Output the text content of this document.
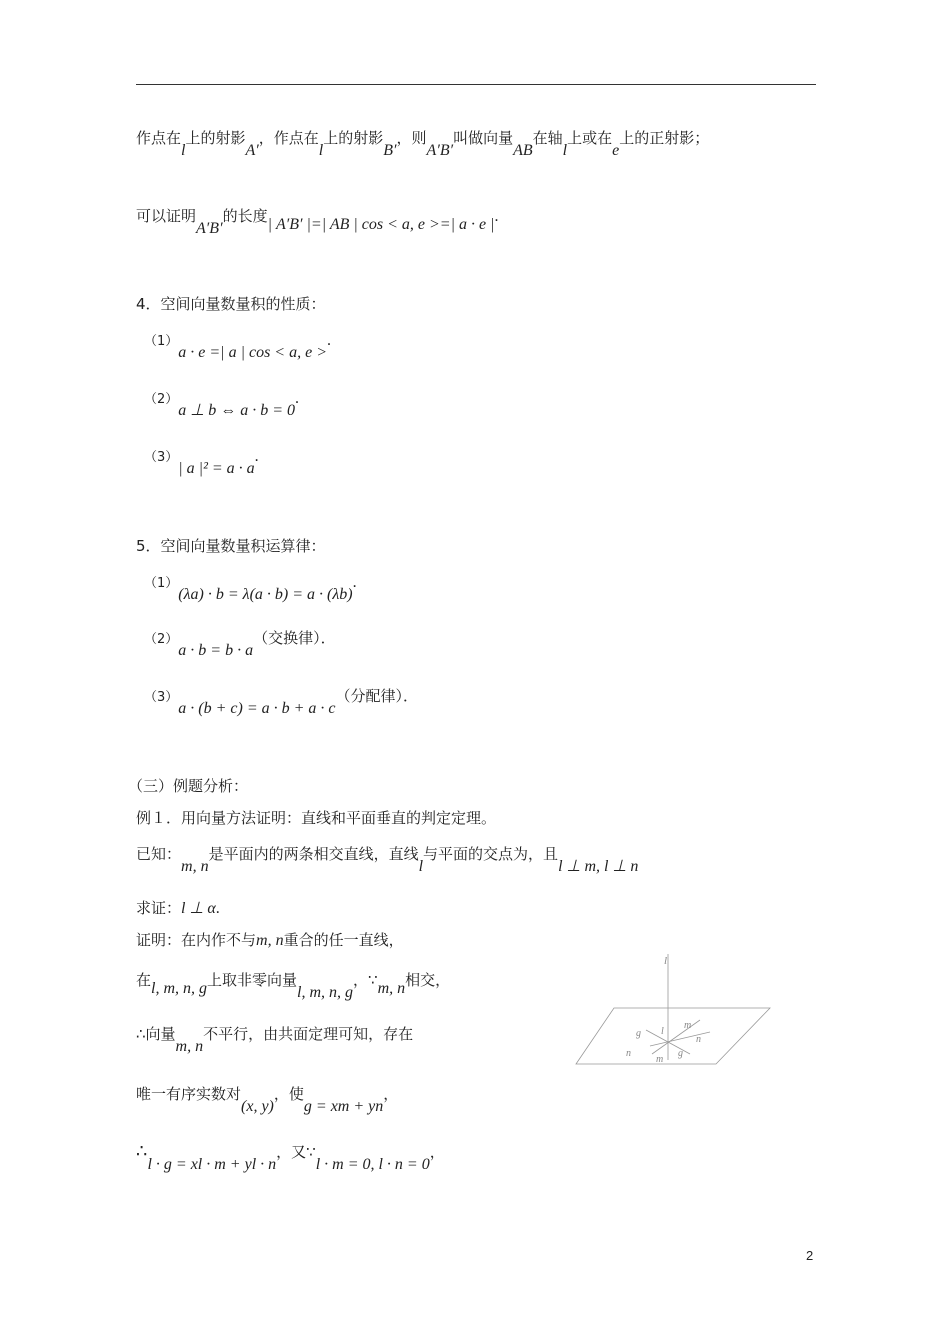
作点在l上的射影A′，作点在l上的射影B′，则A′B′叫做向量AB在轴l上或在e上的正射影；
可以证明A′B′的长度| A′B′ |=| AB | cos < a, e >=| a · e |.
4．空间向量数量积的性质：
（1）a · e =| a | cos < a, e >.
（2）a ⊥ b ⇔ a · b = 0.
（3）| a |² = a · a.
5．空间向量数量积运算律：
（1）(λa) · b = λ(a · b) = a · (λb).
（2）a · b = b · a（交换律）．
（3）a · (b + c) = a · b + a · c（分配律）．
（三）例题分析：
例１．用向量方法证明：直线和平面垂直的判定定理。
已知：m, n是平面内的两条相交直线，直线l与平面的交点为，且l ⊥ m, l ⊥ n
求证：l ⊥ α.
证明：在内作不与m, n重合的任一直线，
在l, m, n, g上取非零向量l, m, n, g，∵m, n相交，
∴向量m, n不平行，由共面定理可知，存在
唯一有序实数对(x, y)，使g = xm + yn，
∴l · g = xl · m + yl · n，又∵l · m = 0, l · n = 0，
l
l
m
m
n
n
g
g
2
